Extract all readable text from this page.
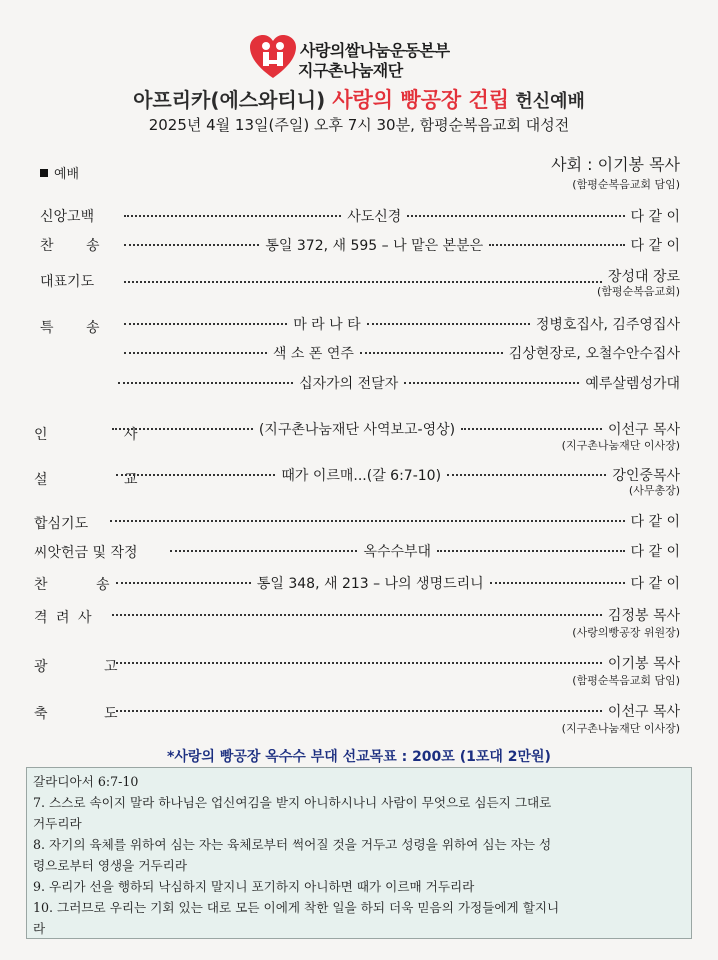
사랑의쌀나눔운동본부
지구촌나눔재단
아프리카(에스와티니) 사랑의 빵공장 건립 헌신예배
2025년 4월 13일(주일) 오후 7시 30분, 함평순복음교회 대성전
예배
사회 : 이기봉 목사
(함평순복음교회 담임)
신앙고백	사도신경	다 같 이
찬 송	통일 372, 새 595 – 나 맡은 본분은	다 같 이
대표기도	장성대 장로
(함평순복음교회)
특 송	마 라 나 타	정병호집사, 김주영집사
색 소 폰 연주	김상현장로, 오철수안수집사
십자가의 전달자	예루살렘성가대
인 사	(지구촌나눔재단 사역보고-영상)	이선구 목사
(지구촌나눔재단 이사장)
설 교	때가 이르매...(갈 6:7-10)	강인중목사
(사무총장)
합심기도	다 같 이
씨앗헌금 및 작정	옥수수부대	다 같 이
찬 송	통일 348, 새 213 – 나의 생명드리니	다 같 이
격 려 사	김정봉 목사
(사랑의빵공장 위원장)
광 고	이기봉 목사
(함평순복음교회 담임)
축 도	이선구 목사
(지구촌나눔재단 이사장)
*사랑의 빵공장 옥수수 부대 선교목표 : 200포 (1포대 2만원)
갈라디아서 6:7-10
7. 스스로 속이지 말라 하나님은 업신여김을 받지 아니하시나니 사람이 무엇으로 심든지 그대로
거두리라
8. 자기의 육체를 위하여 심는 자는 육체로부터 썩어질 것을 거두고 성령을 위하여 심는 자는 성
령으로부터 영생을 거두리라
9. 우리가 선을 행하되 낙심하지 말지니 포기하지 아니하면 때가 이르매 거두리라
10. 그러므로 우리는 기회 있는 대로 모든 이에게 착한 일을 하되 더욱 믿음의 가정들에게 할지니
라
